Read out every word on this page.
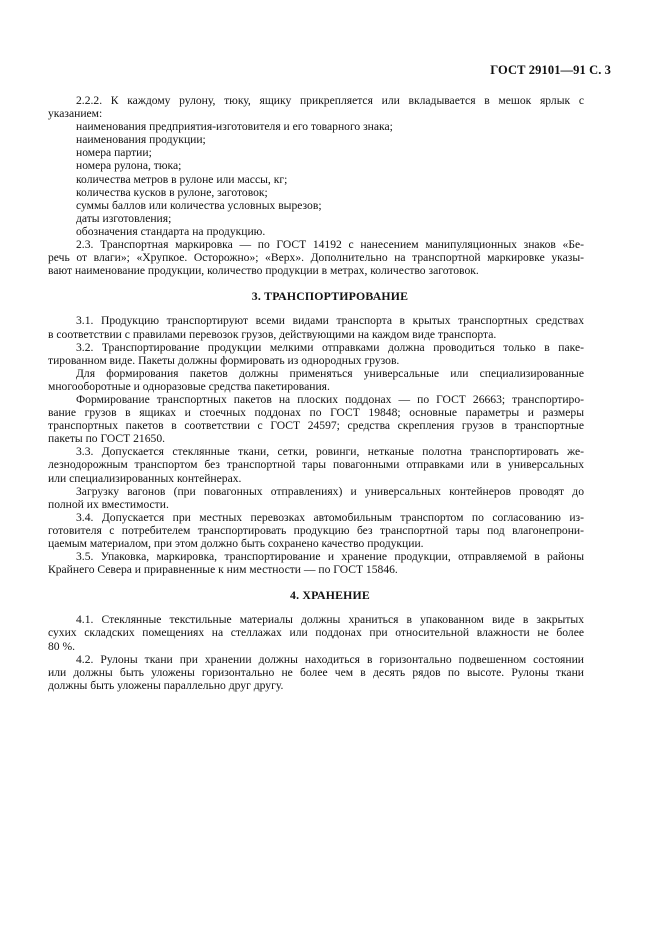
ГОСТ 29101—91 С. 3
2.2.2. К каждому рулону, тюку, ящику прикрепляется или вкладывается в мешок ярлык с
указанием:
наименования предприятия-изготовителя и его товарного знака;
наименования продукции;
номера партии;
номера рулона, тюка;
количества метров в рулоне или массы, кг;
количества кусков в рулоне, заготовок;
суммы баллов или количества условных вырезов;
даты изготовления;
обозначения стандарта на продукцию.
2.3. Транспортная маркировка — по ГОСТ 14192 с нанесением манипуляционных знаков «Бе-
речь от влаги»; «Хрупкое. Осторожно»; «Верх». Дополнительно на транспортной маркировке указы-
вают наименование продукции, количество продукции в метрах, количество заготовок.
3. ТРАНСПОРТИРОВАНИЕ
3.1. Продукцию транспортируют всеми видами транспорта в крытых транспортных средствах
в соответствии с правилами перевозок грузов, действующими на каждом виде транспорта.
3.2. Транспортирование продукции мелкими отправками должна проводиться только в паке-
тированном виде. Пакеты должны формировать из однородных грузов.
Для формирования пакетов должны применяться универсальные или специализированные
многооборотные и одноразовые средства пакетирования.
Формирование транспортных пакетов на плоских поддонах — по ГОСТ 26663; транспортиро-
вание грузов в ящиках и стоечных поддонах по ГОСТ 19848; основные параметры и размеры
транспортных пакетов в соответствии с ГОСТ 24597; средства скрепления грузов в транспортные
пакеты по ГОСТ 21650.
3.3. Допускается стеклянные ткани, сетки, ровинги, нетканые полотна транспортировать же-
лезнодорожным транспортом без транспортной тары повагонными отправками или в универсальных
или специализированных контейнерах.
Загрузку вагонов (при повагонных отправлениях) и универсальных контейнеров проводят до
полной их вместимости.
3.4. Допускается при местных перевозках автомобильным транспортом по согласованию из-
готовителя с потребителем транспортировать продукцию без транспортной тары под влагонепрони-
цаемым материалом, при этом должно быть сохранено качество продукции.
3.5. Упаковка, маркировка, транспортирование и хранение продукции, отправляемой в районы
Крайнего Севера и приравненные к ним местности — по ГОСТ 15846.
4. ХРАНЕНИЕ
4.1. Стеклянные текстильные материалы должны храниться в упакованном виде в закрытых
сухих складских помещениях на стеллажах или поддонах при относительной влажности не более
80 %.
4.2. Рулоны ткани при хранении должны находиться в горизонтально подвешенном состоянии
или должны быть уложены горизонтально не более чем в десять рядов по высоте. Рулоны ткани
должны быть уложены параллельно друг другу.
